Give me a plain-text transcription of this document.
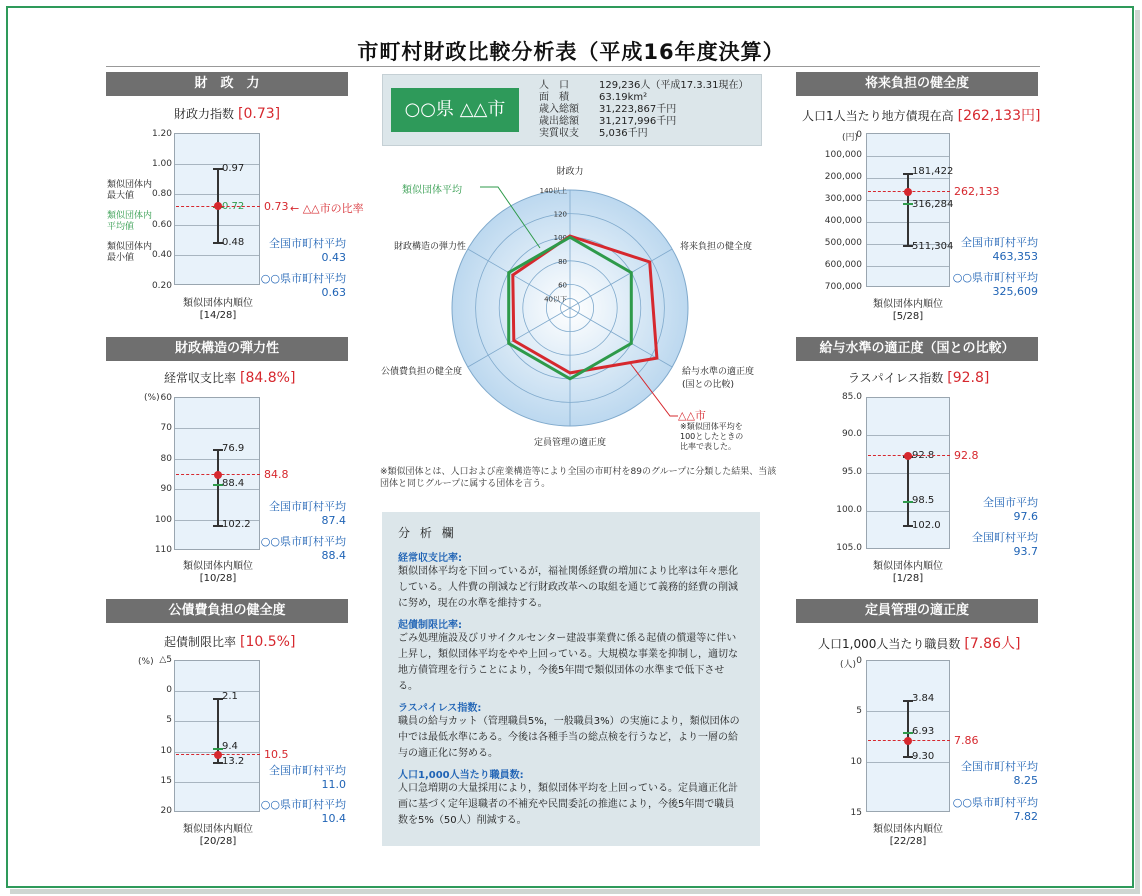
市町村財政比較分析表（平成16年度決算）
財　政　力
財政力指数 [0.73]
1.20
1.00
0.80
0.60
0.40
0.20
0.97
0.72
0.48
0.73 ← △△市の比率
類似団体内
最大値
類似団体内
平均値
類似団体内
最小値
全国市町村平均
0.43
○○県市町村平均
0.63
類似団体内順位
[14/28]
財政構造の弾力性
経常収支比率 [84.8%]
(%) 60
70
80
90
100
110
76.9
88.4
102.2
84.8
全国市町村平均
87.4
○○県市町村平均
88.4
類似団体内順位
[10/28]
公債費負担の健全度
起債制限比率 [10.5%]
(%) △5
0
5
10
15
20
2.1
9.4
13.2
10.5
全国市町村平均
11.0
○○県市町村平均
10.4
類似団体内順位
[20/28]
○○県 △△市
人　口	129,236人（平成17.3.31現在）
面　積	63.19km²
歳入総額	31,223,867千円
歳出総額	31,217,996千円
実質収支	5,036千円
40以下
60
80
100
120
140以上
財政力
将来負担の健全度
給与水準の適正度
(国との比較)
定員管理の適正度
公債費負担の健全度
財政構造の弾力性
類似団体平均
△△市
※類似団体平均を
100としたときの
比率で表した。
※類似団体とは、人口および産業構造等により全国の市町村を89のグループに分類した結果、当該団体と同じグループに属する団体を言う。
分 析 欄
経常収支比率:
類似団体平均を下回っているが，福祉関係経費の増加により比率は年々悪化している。人件費の削減など行財政改革への取組を通じて義務的経費の削減に努め，現在の水準を維持する。
起債制限比率:
ごみ処理施設及びリサイクルセンター建設事業費に係る起債の償還等に伴い上昇し，類似団体平均をやや上回っている。大規模な事業を抑制し，適切な地方債管理を行うことにより，今後5年間で類似団体の水準まで低下させる。
ラスパイレス指数:
職員の給与カット（管理職員5%，一般職員3%）の実施により，類似団体の中では最低水準にある。今後は各種手当の総点検を行うなど，より一層の給与の適正化に努める。
人口1,000人当たり職員数:
人口急増期の大量採用により，類似団体平均を上回っている。定員適正化計画に基づく定年退職者の不補充や民間委託の推進により，今後5年間で職員数を5%（50人）削減する。
将来負担の健全度
人口1人当たり地方債現在高 [262,133円]
(円)
100,000
200,000
300,000
400,000
500,000
600,000
700,000
0
181,422
316,284
511,304
262,133
全国市町村平均
463,353
○○県市町村平均
325,609
類似団体内順位
[5/28]
給与水準の適正度（国との比較）
ラスパイレス指数 [92.8]
85.0
90.0
95.0
100.0
105.0
92.8
98.5
102.0
92.8
全国市平均
97.6
全国町村平均
93.7
類似団体内順位
[1/28]
定員管理の適正度
人口1,000人当たり職員数 [7.86人]
(人) 0
5
10
15
3.84
6.93
9.30
7.86
全国市町村平均
8.25
○○県市町村平均
7.82
類似団体内順位
[22/28]
